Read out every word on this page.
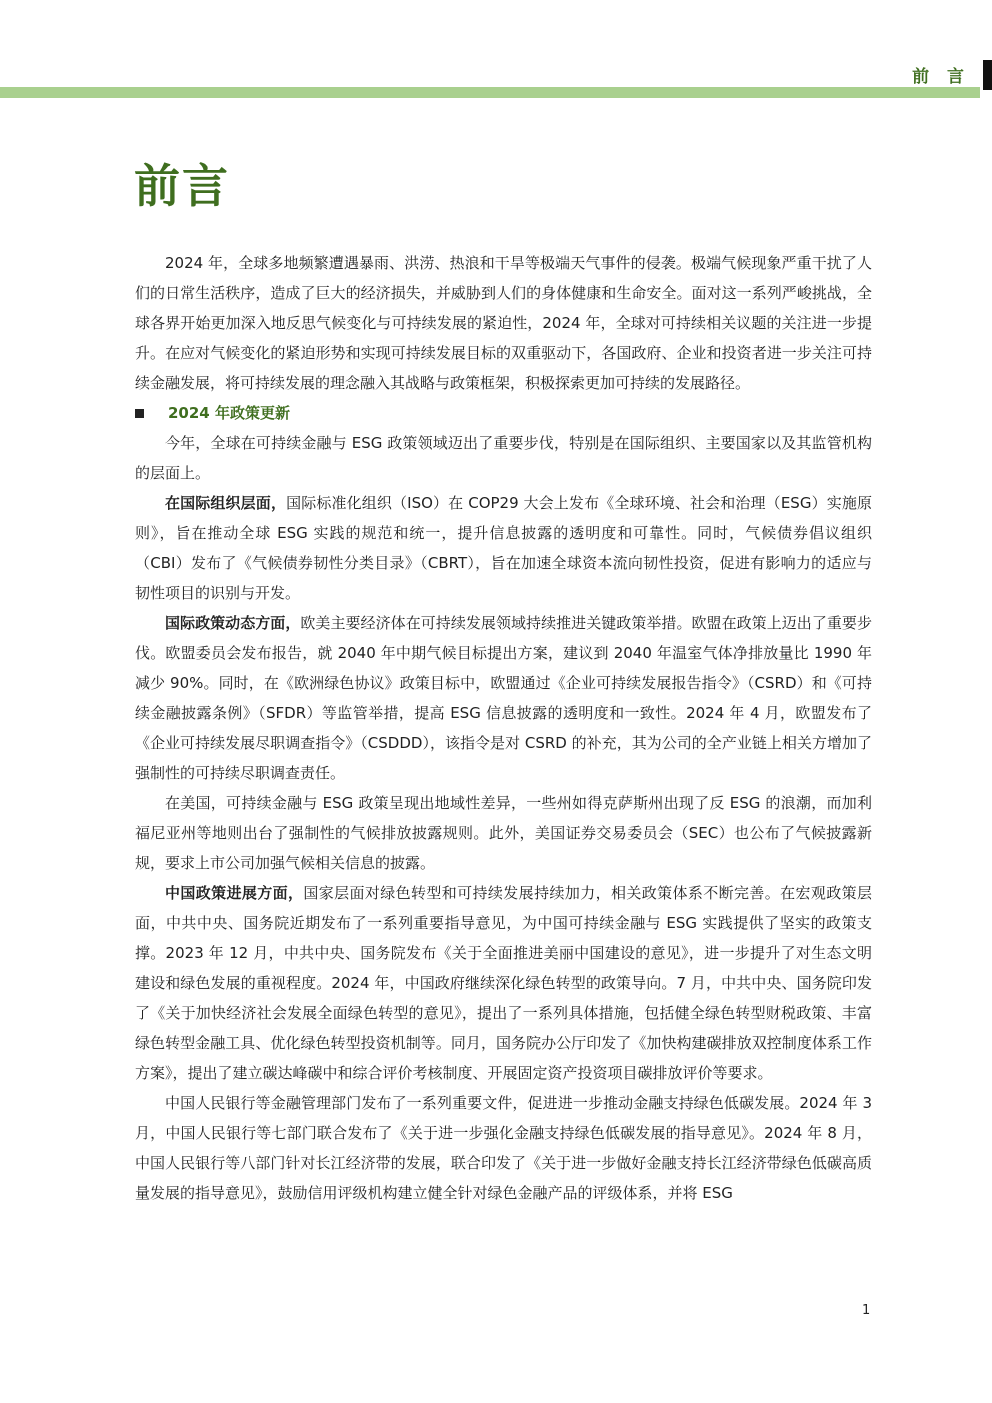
前 言
前言

2024 年，全球多地频繁遭遇暴雨、洪涝、热浪和干旱等极端天气事件的侵袭。极端气候现象严重干扰了人们的日常生活秩序，造成了巨大的经济损失，并威胁到人们的身体健康和生命安全。面对这一系列严峻挑战，全球各界开始更加深入地反思气候变化与可持续发展的紧迫性，2024 年，全球对可持续相关议题的关注进一步提升。在应对气候变化的紧迫形势和实现可持续发展目标的双重驱动下，各国政府、企业和投资者进一步关注可持续金融发展，将可持续发展的理念融入其战略与政策框架，积极探索更加可持续的发展路径。

2024 年政策更新

今年，全球在可持续金融与 ESG 政策领域迈出了重要步伐，特别是在国际组织、主要国家以及其监管机构的层面上。

在国际组织层面，国际标准化组织（ISO）在 COP29 大会上发布《全球环境、社会和治理（ESG）实施原则》，旨在推动全球 ESG 实践的规范和统一，提升信息披露的透明度和可靠性。同时，气候债券倡议组织（CBI）发布了《气候债券韧性分类目录》（CBRT），旨在加速全球资本流向韧性投资，促进有影响力的适应与韧性项目的识别与开发。

国际政策动态方面，欧美主要经济体在可持续发展领域持续推进关键政策举措。欧盟在政策上迈出了重要步伐。欧盟委员会发布报告，就 2040 年中期气候目标提出方案，建议到 2040 年温室气体净排放量比 1990 年减少 90%。同时，在《欧洲绿色协议》政策目标中，欧盟通过《企业可持续发展报告指令》（CSRD）和《可持续金融披露条例》（SFDR）等监管举措，提高 ESG 信息披露的透明度和一致性。2024 年 4 月，欧盟发布了《企业可持续发展尽职调查指令》（CSDDD），该指令是对 CSRD 的补充，其为公司的全产业链上相关方增加了强制性的可持续尽职调查责任。

在美国，可持续金融与 ESG 政策呈现出地域性差异，一些州如得克萨斯州出现了反 ESG 的浪潮，而加利福尼亚州等地则出台了强制性的气候排放披露规则。此外，美国证券交易委员会（SEC）也公布了气候披露新规，要求上市公司加强气候相关信息的披露。

中国政策进展方面，国家层面对绿色转型和可持续发展持续加力，相关政策体系不断完善。在宏观政策层面，中共中央、国务院近期发布了一系列重要指导意见，为中国可持续金融与 ESG 实践提供了坚实的政策支撑。2023 年 12 月，中共中央、国务院发布《关于全面推进美丽中国建设的意见》，进一步提升了对生态文明建设和绿色发展的重视程度。2024 年，中国政府继续深化绿色转型的政策导向。7 月，中共中央、国务院印发了《关于加快经济社会发展全面绿色转型的意见》，提出了一系列具体措施，包括健全绿色转型财税政策、丰富绿色转型金融工具、优化绿色转型投资机制等。同月，国务院办公厅印发了《加快构建碳排放双控制度体系工作方案》，提出了建立碳达峰碳中和综合评价考核制度、开展固定资产投资项目碳排放评价等要求。

中国人民银行等金融管理部门发布了一系列重要文件，促进进一步推动金融支持绿色低碳发展。2024 年 3 月，中国人民银行等七部门联合发布了《关于进一步强化金融支持绿色低碳发展的指导意见》。2024 年 8 月，中国人民银行等八部门针对长江经济带的发展，联合印发了《关于进一步做好金融支持长江经济带绿色低碳高质量发展的指导意见》，鼓励信用评级机构建立健全针对绿色金融产品的评级体系，并将 ESG

1
